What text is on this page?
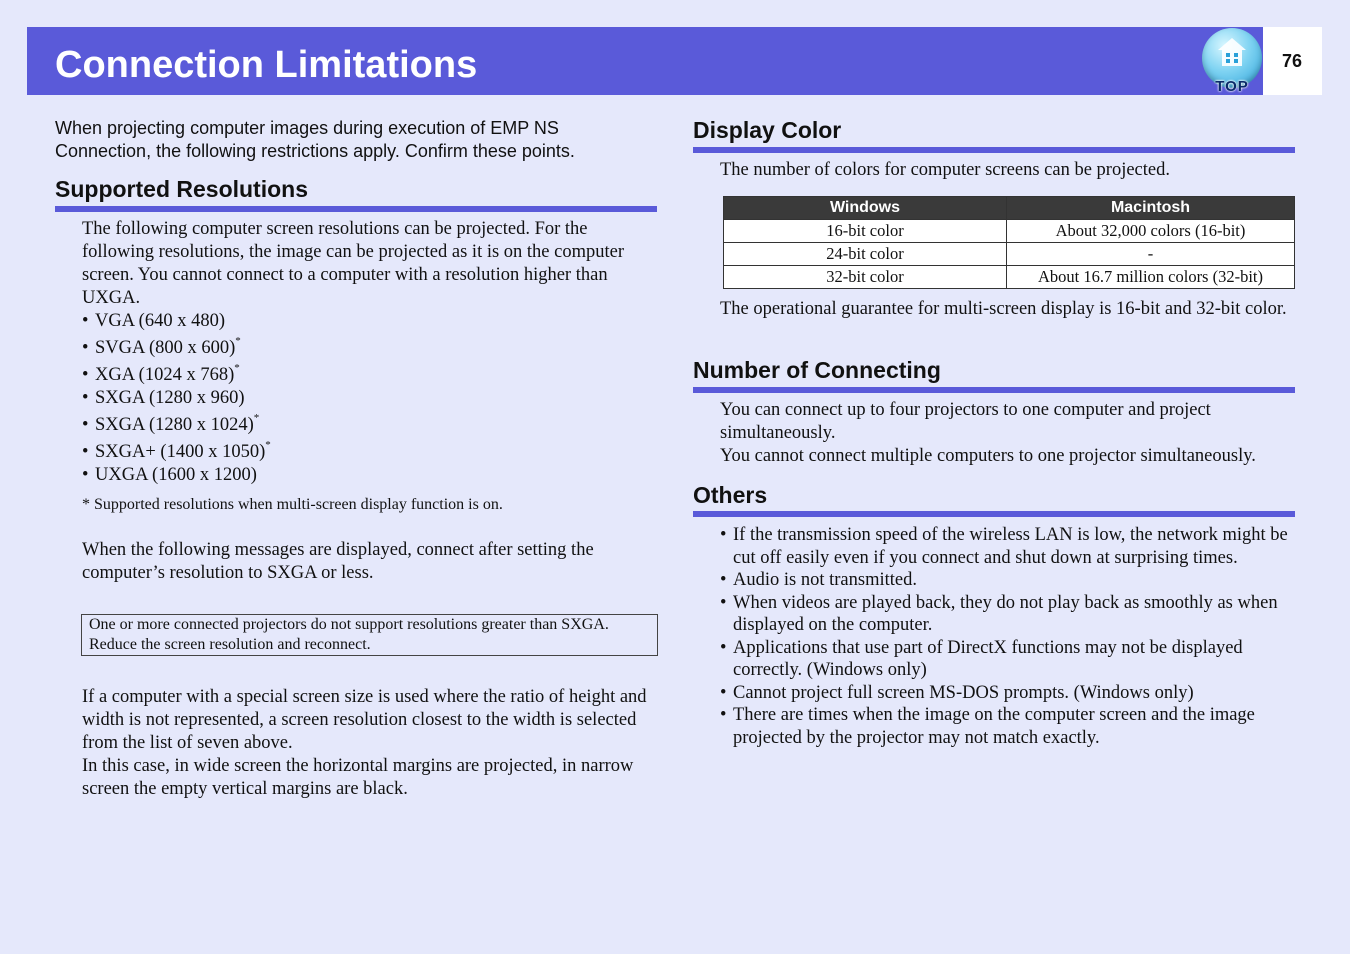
Connection Limitations
TOP
76
When projecting computer images during execution of EMP NS Connection, the following restrictions apply. Confirm these points.
Supported Resolutions

The following computer screen resolutions can be projected. For the following resolutions, the image can be projected as it is on the computer screen. You cannot connect to a computer with a resolution higher than UXGA.

• VGA (640 x 480)
• SVGA (800 x 600)*
• XGA (1024 x 768)*
• SXGA (1280 x 960)
• SXGA (1280 x 1024)*
• SXGA+ (1400 x 1050)*
• UXGA (1600 x 1200)
* Supported resolutions when multi-screen display function is on.
When the following messages are displayed, connect after setting the computer’s resolution to SXGA or less.
One or more connected projectors do not support resolutions greater than SXGA. Reduce the screen resolution and reconnect.

If a computer with a special screen size is used where the ratio of height and width is not represented, a screen resolution closest to the width is selected from the list of seven above.

In this case, in wide screen the horizontal margins are projected, in narrow screen the empty vertical margins are black.

Display Color
The number of colors for computer screens can be projected.
Windows	Macintosh
16-bit color	About 32,000 colors (16-bit)
24-bit color	-
32-bit color	About 16.7 million colors (32-bit)
The operational guarantee for multi-screen display is 16-bit and 32-bit color.
Number of Connecting

You can connect up to four projectors to one computer and project simultaneously.

You cannot connect multiple computers to one projector simultaneously.

Others
• If the transmission speed of the wireless LAN is low, the network might be cut off easily even if you connect and shut down at surprising times.
• Audio is not transmitted.
• When videos are played back, they do not play back as smoothly as when displayed on the computer.
• Applications that use part of DirectX functions may not be displayed correctly. (Windows only)
• Cannot project full screen MS-DOS prompts. (Windows only)
• There are times when the image on the computer screen and the image projected by the projector may not match exactly.
